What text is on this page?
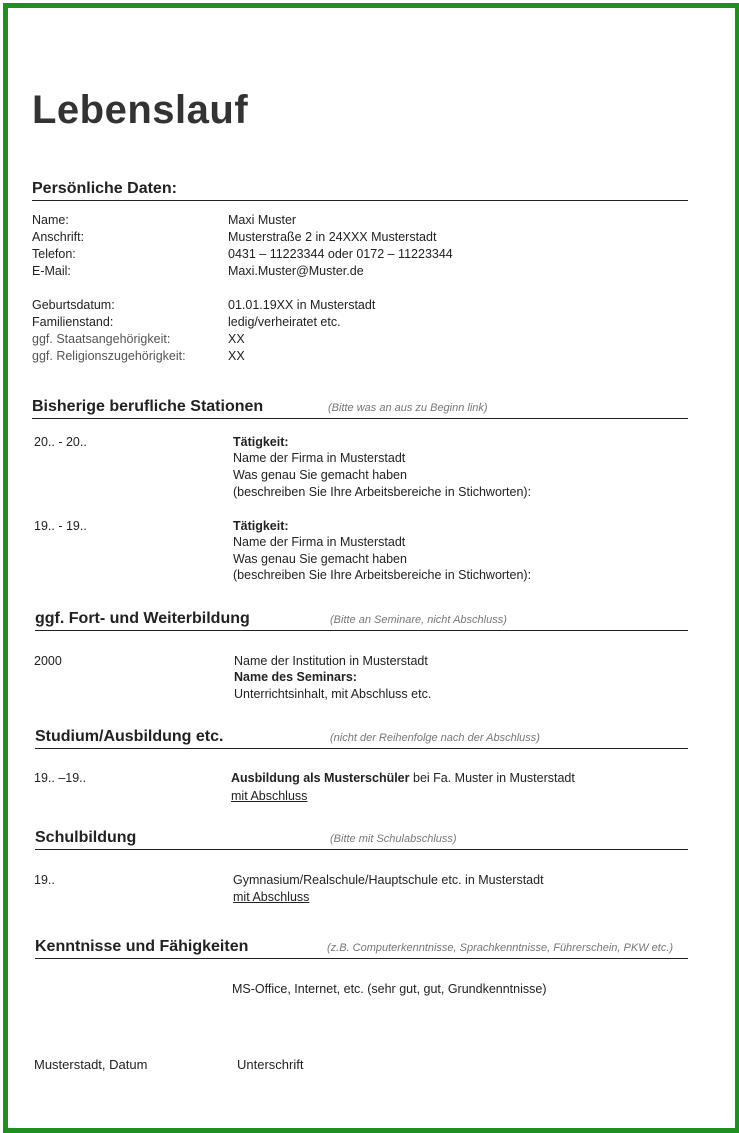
Lebenslauf
Persönliche Daten:
Name:	Maxi Muster
Anschrift:	Musterstraße 2 in 24XXX Musterstadt
Telefon:	0431 – 11223344 oder 0172 – 11223344
E-Mail:	Maxi.Muster@Muster.de
Geburtsdatum:	01.01.19XX in Musterstadt
Familienstand:	ledig/verheiratet etc.
ggf. Staatsangehörigkeit:	XX
ggf. Religionszugehörigkeit:	XX
Bisherige berufliche Stationen	(Bitte was an aus zu Beginn link)
20.. - 20..	Tätigkeit:
Name der Firma in Musterstadt
Was genau Sie gemacht haben
(beschreiben Sie Ihre Arbeitsbereiche in Stichworten):
19.. - 19..	Tätigkeit:
Name der Firma in Musterstadt
Was genau Sie gemacht haben
(beschreiben Sie Ihre Arbeitsbereiche in Stichworten):
ggf. Fort- und Weiterbildung	(Bitte an Seminare, nicht Abschluss)
2000	Name der Institution in Musterstadt
Name des Seminars:
Unterrichtsinhalt, mit Abschluss etc.
Studium/Ausbildung etc.	(nicht der Reihenfolge nach der Abschluss)
19.. –19..	Ausbildung als Musterschüler bei Fa. Muster in Musterstadt
mit Abschluss
Schulbildung	(Bitte mit Schulabschluss)
19..	Gymnasium/Realschule/Hauptschule etc. in Musterstadt
mit Abschluss
Kenntnisse und Fähigkeiten	(z.B. Computerkenntnisse, Sprachkenntnisse, Führerschein, PKW etc.)
MS-Office, Internet, etc. (sehr gut, gut, Grundkenntnisse)
Musterstadt, Datum	Unterschrift
